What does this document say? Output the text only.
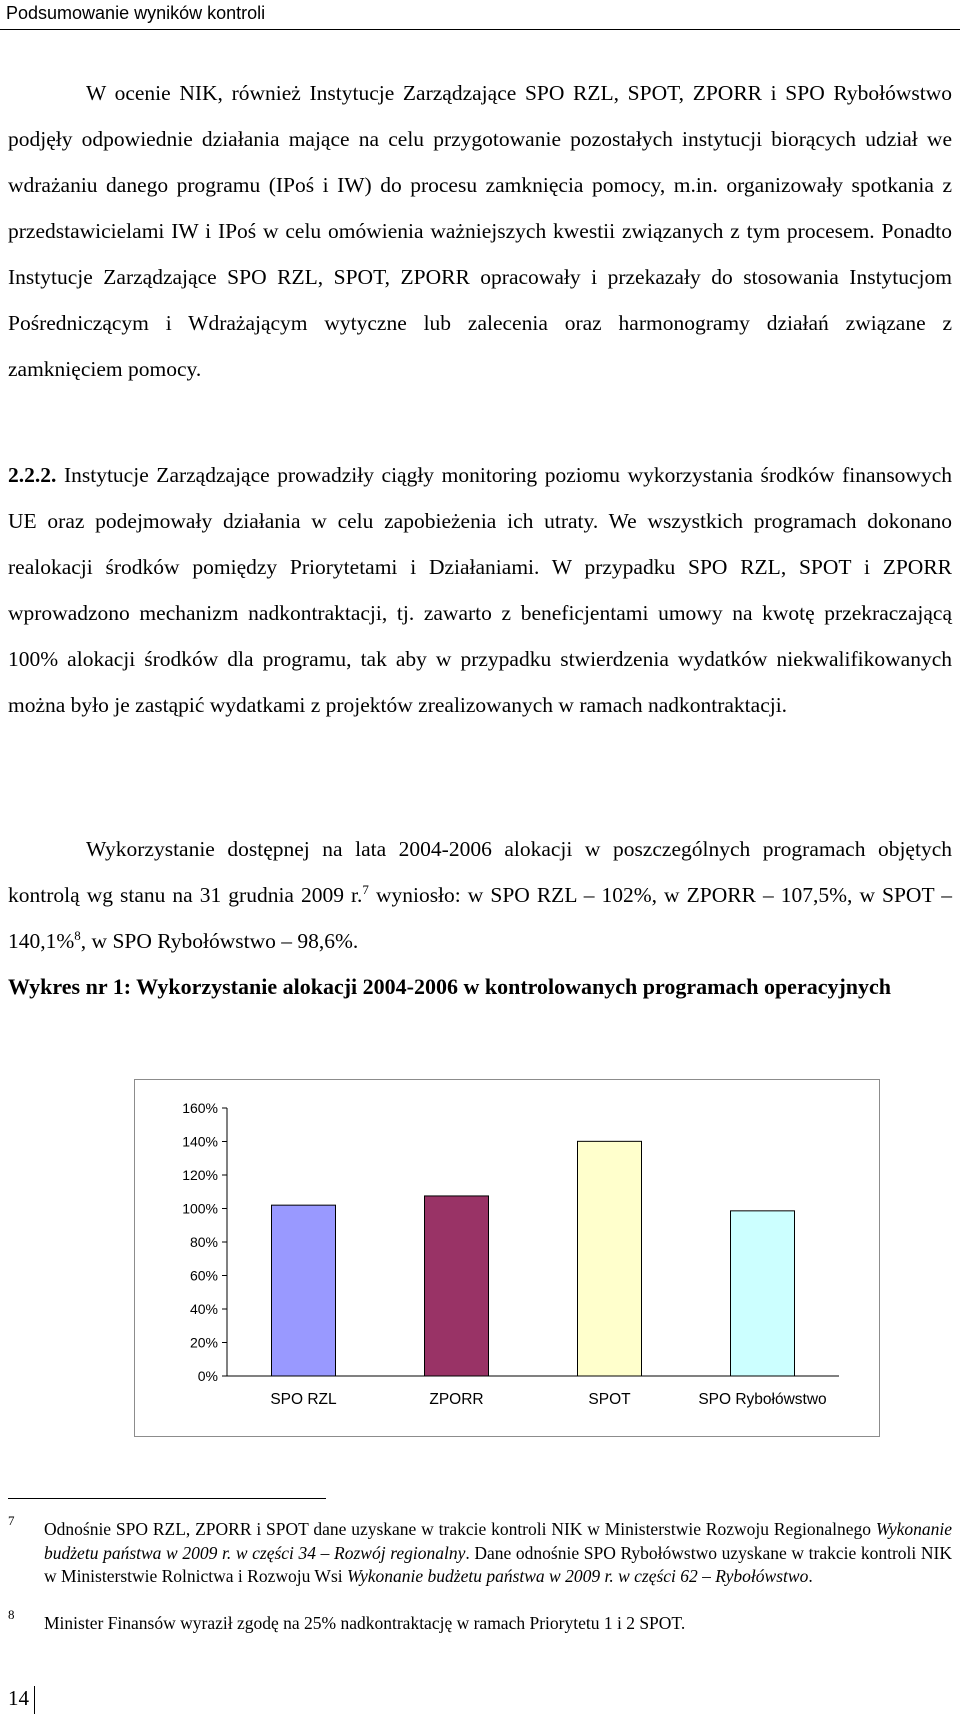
Podsumowanie wyników kontroli

W ocenie NIK, również Instytucje Zarządzające SPO RZL, SPOT, ZPORR i SPO Rybołówstwo podjęły odpowiednie działania mające na celu przygotowanie pozostałych instytucji biorących udział we wdrażaniu danego programu (IPoś i IW) do procesu zamknięcia pomocy, m.in. organizowały spotkania z przedstawicielami IW i IPoś w celu omówienia ważniejszych kwestii związanych z tym procesem. Ponadto Instytucje Zarządzające SPO RZL, SPOT, ZPORR opracowały i przekazały do stosowania Instytucjom Pośredniczącym i Wdrażającym wytyczne lub zalecenia oraz harmonogramy działań związane z zamknięciem pomocy.

2.2.2. Instytucje Zarządzające prowadziły ciągły monitoring poziomu wykorzystania środków finansowych UE oraz podejmowały działania w celu zapobieżenia ich utraty. We wszystkich programach dokonano realokacji środków pomiędzy Priorytetami i Działaniami. W przypadku SPO RZL, SPOT i ZPORR wprowadzono mechanizm nadkontraktacji, tj. zawarto z beneficjentami umowy na kwotę przekraczającą 100% alokacji środków dla programu, tak aby w przypadku stwierdzenia wydatków niekwalifikowanych można było je zastąpić wydatkami z projektów zrealizowanych w ramach nadkontraktacji.

Wykorzystanie dostępnej na lata 2004-2006 alokacji w poszczególnych programach objętych kontrolą wg stanu na 31 grudnia 2009 r.$^7$ wyniosło: w SPO RZL – 102%, w ZPORR – 107,5%, w SPOT – 140,1%$^8$, w SPO Rybołówstwo – 98,6%.

Wykres nr 1: Wykorzystanie alokacji 2004-2006 w kontrolowanych programach operacyjnych
0%
20%
40%
60%
80%
100%
120%
140%
160%
SPO RZL	ZPORR	SPOT	SPO Rybołówstwo
7 Odnośnie SPO RZL, ZPORR i SPOT dane uzyskane w trakcie kontroli NIK w Ministerstwie Rozwoju Regionalnego Wykonanie budżetu państwa w 2009 r. w części 34 – Rozwój regionalny. Dane odnośnie SPO Rybołówstwo uzyskane w trakcie kontroli NIK w Ministerstwie Rolnictwa i Rozwoju Wsi Wykonanie budżetu państwa w 2009 r. w części 62 – Rybołówstwo.
8 Minister Finansów wyraził zgodę na 25% nadkontraktację w ramach Priorytetu 1 i 2 SPOT.
14
